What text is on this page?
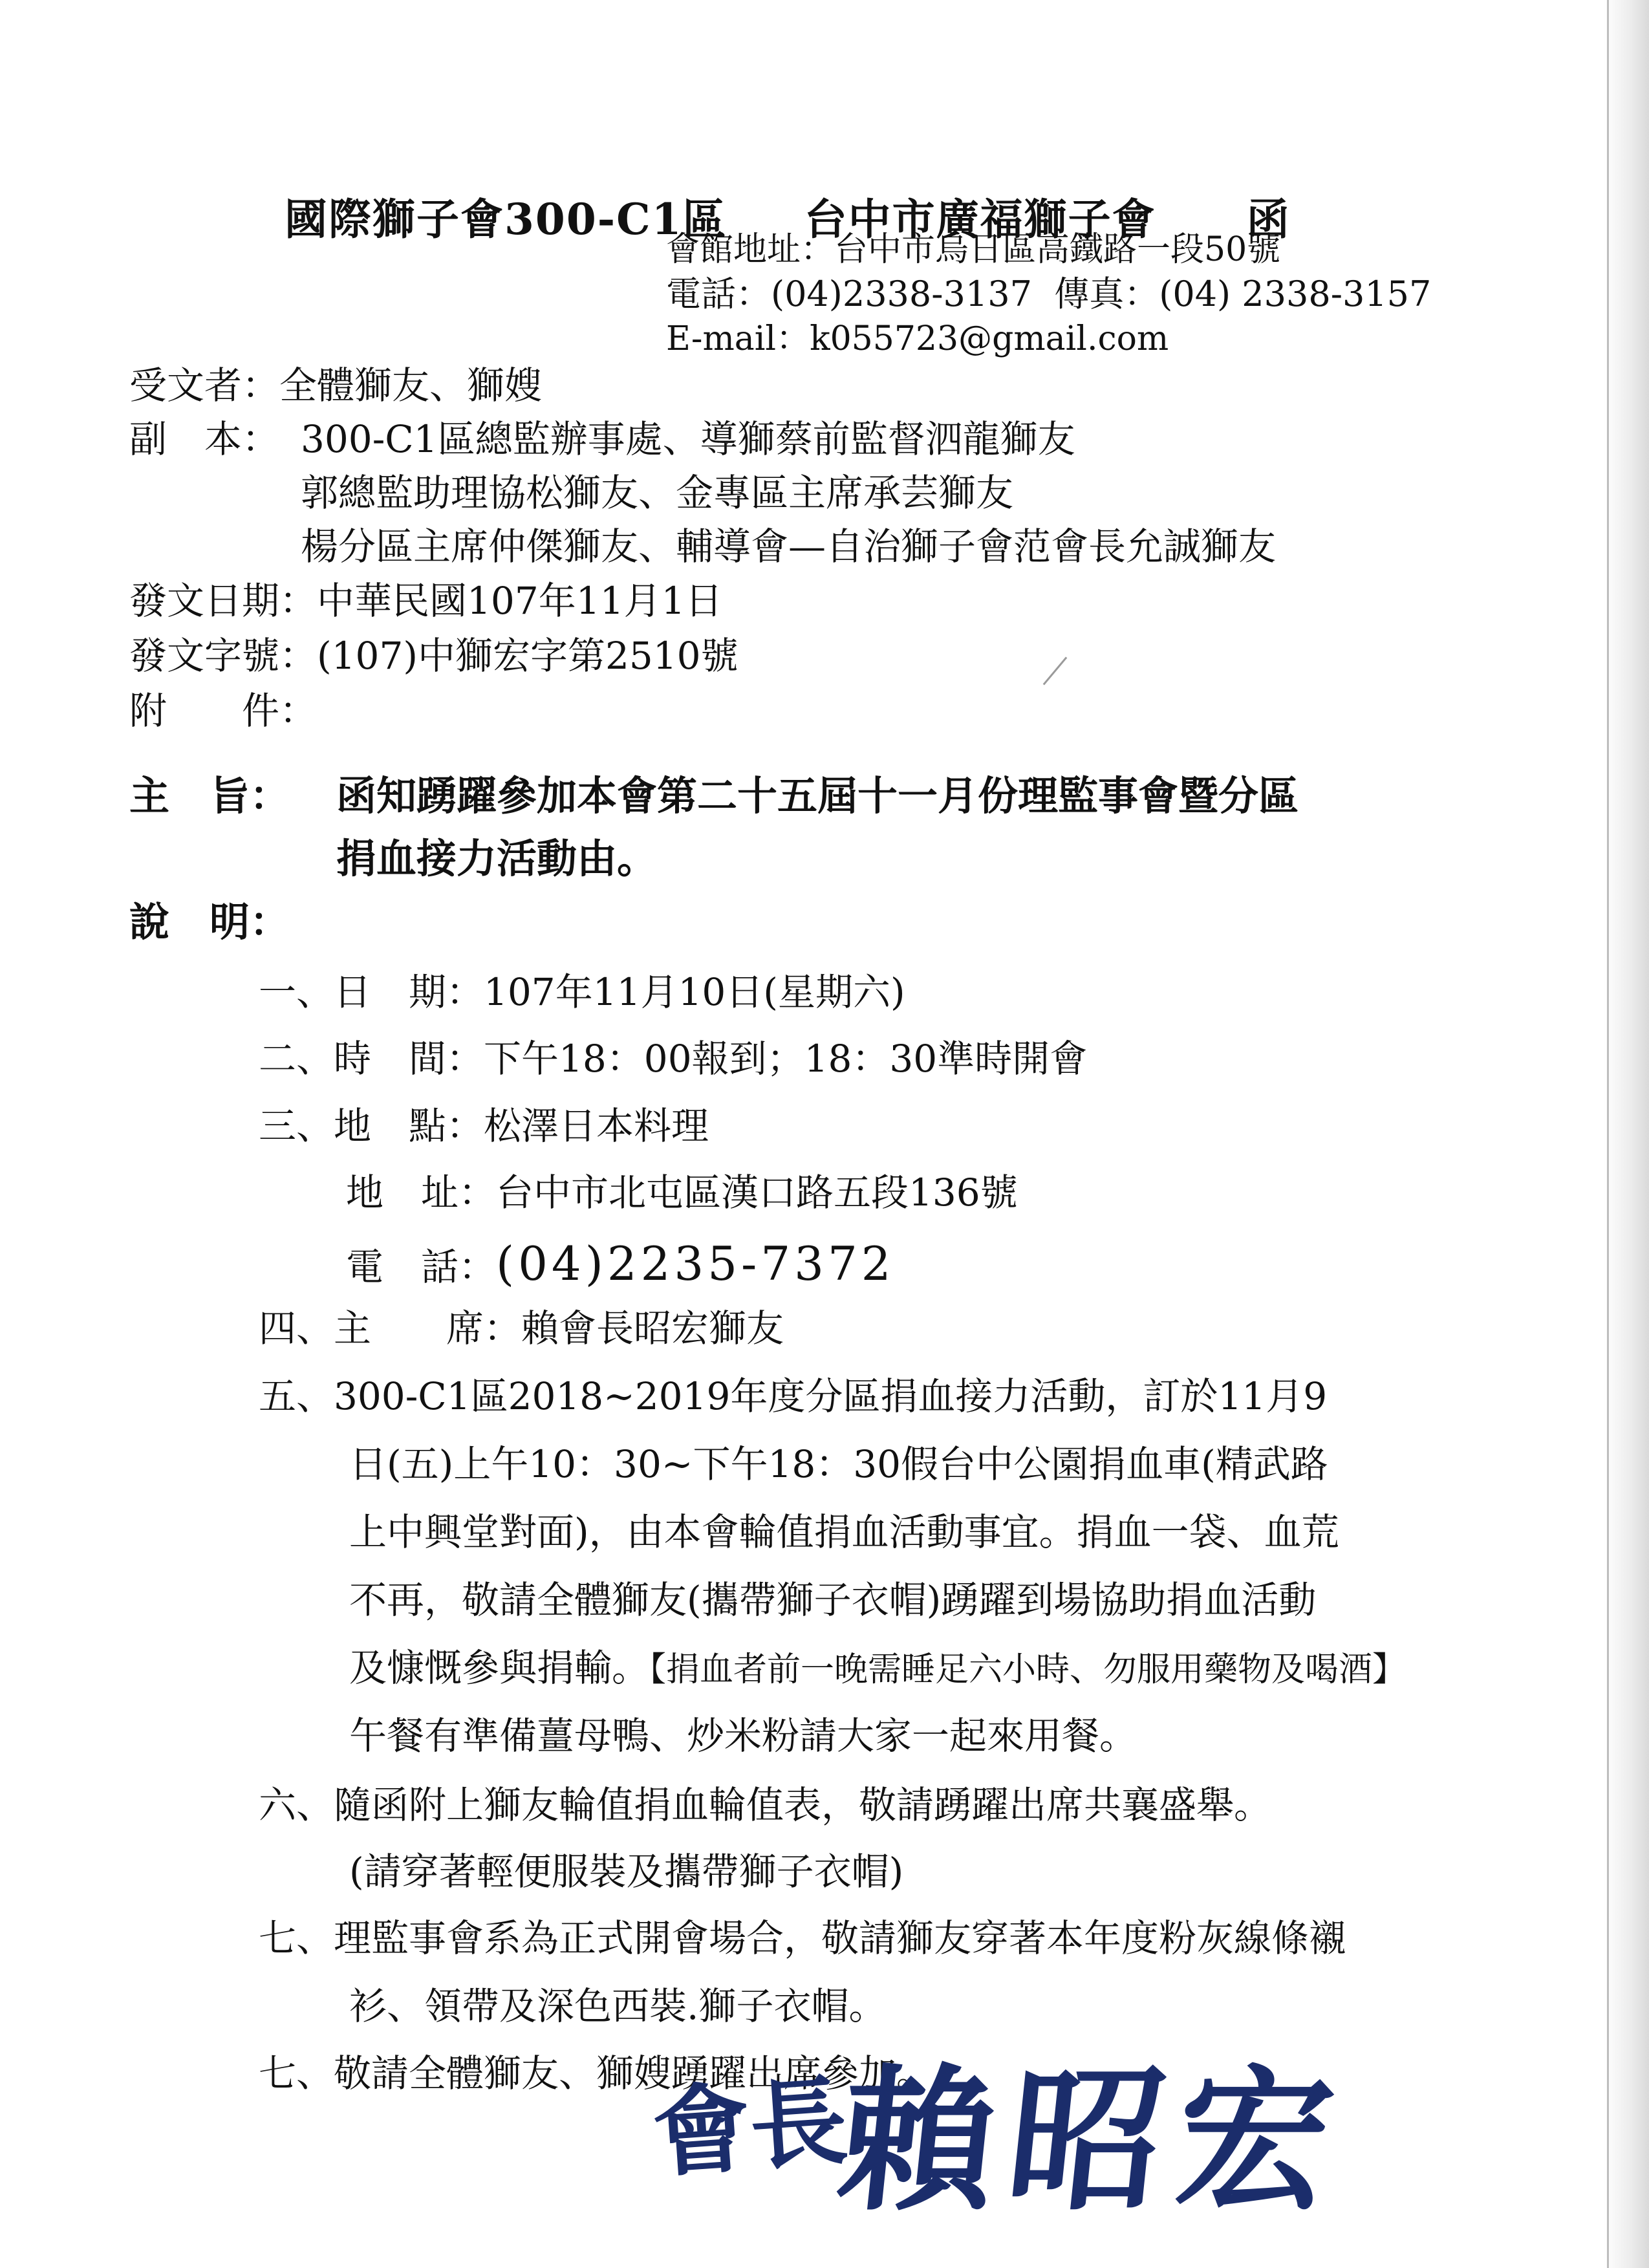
國際獅子會300-C1區 台中市廣福獅子會 函

會館地址：台中市烏日區高鐵路一段50號
電話：(04)2338-3137  傳真：(04) 2338-3157
E-mail：k055723@gmail.com
受文者：全體獅友、獅嫂
副　本： 300-C1區總監辦事處、導獅蔡前監督泗龍獅友
郭總監助理協松獅友、金專區主席承芸獅友
楊分區主席仲傑獅友、輔導會—自治獅子會范會長允誠獅友
發文日期：中華民國107年11月1日
發文字號：(107)中獅宏字第2510號
附　　件：
主　旨： 函知踴躍參加本會第二十五屆十一月份理監事會暨分區
捐血接力活動由。
說　明：
一、日　期：107年11月10日(星期六)
二、時　間：下午18：00報到；18：30準時開會
三、地　點：松澤日本料理
地　址：台中市北屯區漢口路五段136號
電　話：(04)2235-7372
四、主　　席：賴會長昭宏獅友
五、300-C1區2018~2019年度分區捐血接力活動，訂於11月9
日(五)上午10：30~下午18：30假台中公園捐血車(精武路
上中興堂對面)，由本會輪值捐血活動事宜。捐血一袋、血荒
不再，敬請全體獅友(攜帶獅子衣帽)踴躍到場協助捐血活動
及慷慨參與捐輸。【捐血者前一晚需睡足六小時、勿服用藥物及喝酒】
午餐有準備薑母鴨、炒米粉請大家一起來用餐。
六、隨函附上獅友輪值捐血輪值表，敬請踴躍出席共襄盛舉。
(請穿著輕便服裝及攜帶獅子衣帽)
七、理監事會系為正式開會場合，敬請獅友穿著本年度粉灰線條襯
衫、領帶及深色西裝.獅子衣帽。
七、敬請全體獅友、獅嫂踴躍出席參加。
會長
賴昭宏
